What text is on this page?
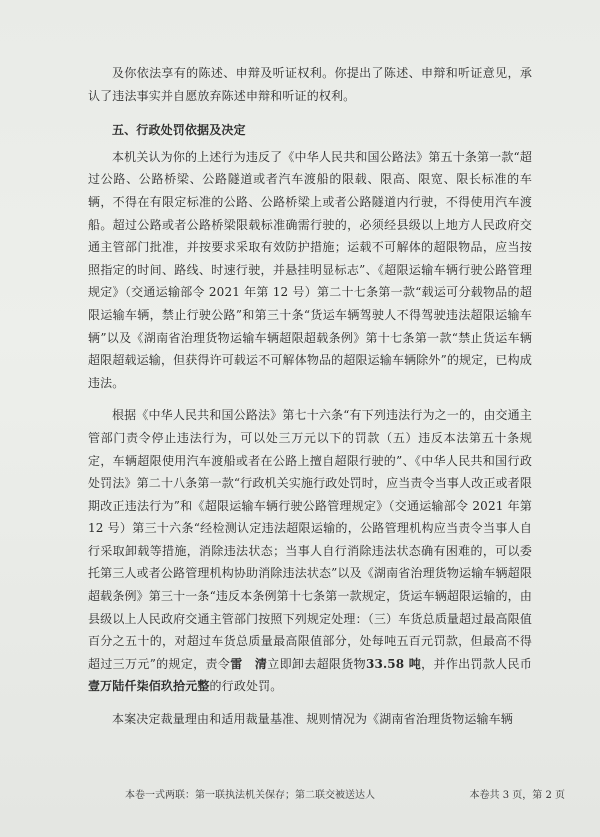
及你依法享有的陈述、申辩及听证权利。你提出了陈述、申辩和听证意见，承认了违法事实并自愿放弃陈述申辩和听证的权利。

五、行政处罚依据及决定

本机关认为你的上述行为违反了《中华人民共和国公路法》第五十条第一款“超过公路、公路桥梁、公路隧道或者汽车渡船的限载、限高、限宽、限长标准的车辆，不得在有限定标准的公路、公路桥梁上或者公路隧道内行驶，不得使用汽车渡船。超过公路或者公路桥梁限载标准确需行驶的，必须经县级以上地方人民政府交通主管部门批准，并按要求采取有效防护措施；运载不可解体的超限物品，应当按照指定的时间、路线、时速行驶，并悬挂明显标志”、《超限运输车辆行驶公路管理规定》（交通运输部令 2021 年第 12 号）第二十七条第一款“载运可分载物品的超限运输车辆，禁止行驶公路”和第三十条“货运车辆驾驶人不得驾驶违法超限运输车辆”以及《湖南省治理货物运输车辆超限超载条例》第十七条第一款“禁止货运车辆超限超载运输，但获得许可载运不可解体物品的超限运输车辆除外”的规定，已构成违法。

根据《中华人民共和国公路法》第七十六条“有下列违法行为之一的，由交通主管部门责令停止违法行为，可以处三万元以下的罚款（五）违反本法第五十条规定，车辆超限使用汽车渡船或者在公路上擅自超限行驶的”、《中华人民共和国行政处罚法》第二十八条第一款“行政机关实施行政处罚时，应当责令当事人改正或者限期改正违法行为”和《超限运输车辆行驶公路管理规定》（交通运输部令 2021 年第 12 号）第三十六条“经检测认定违法超限运输的，公路管理机构应当责令当事人自行采取卸载等措施，消除违法状态；当事人自行消除违法状态确有困难的，可以委托第三人或者公路管理机构协助消除违法状态”以及《湖南省治理货物运输车辆超限超载条例》第三十一条“违反本条例第十七条第一款规定，货运车辆超限运输的，由县级以上人民政府交通主管部门按照下列规定处理：（三）车货总质量超过最高限值百分之五十的，对超过车货总质量最高限值部分，处每吨五百元罚款，但最高不得超过三万元”的规定，责令雷　清立即卸去超限货物33.58 吨，并作出罚款人民币壹万陆仟柒佰玖拾元整的行政处罚。

本案决定裁量理由和适用裁量基准、规则情况为《湖南省治理货物运输车辆

本卷一式两联：第一联执法机关保存；第二联交被送达人	本卷共 3 页，第 2 页
